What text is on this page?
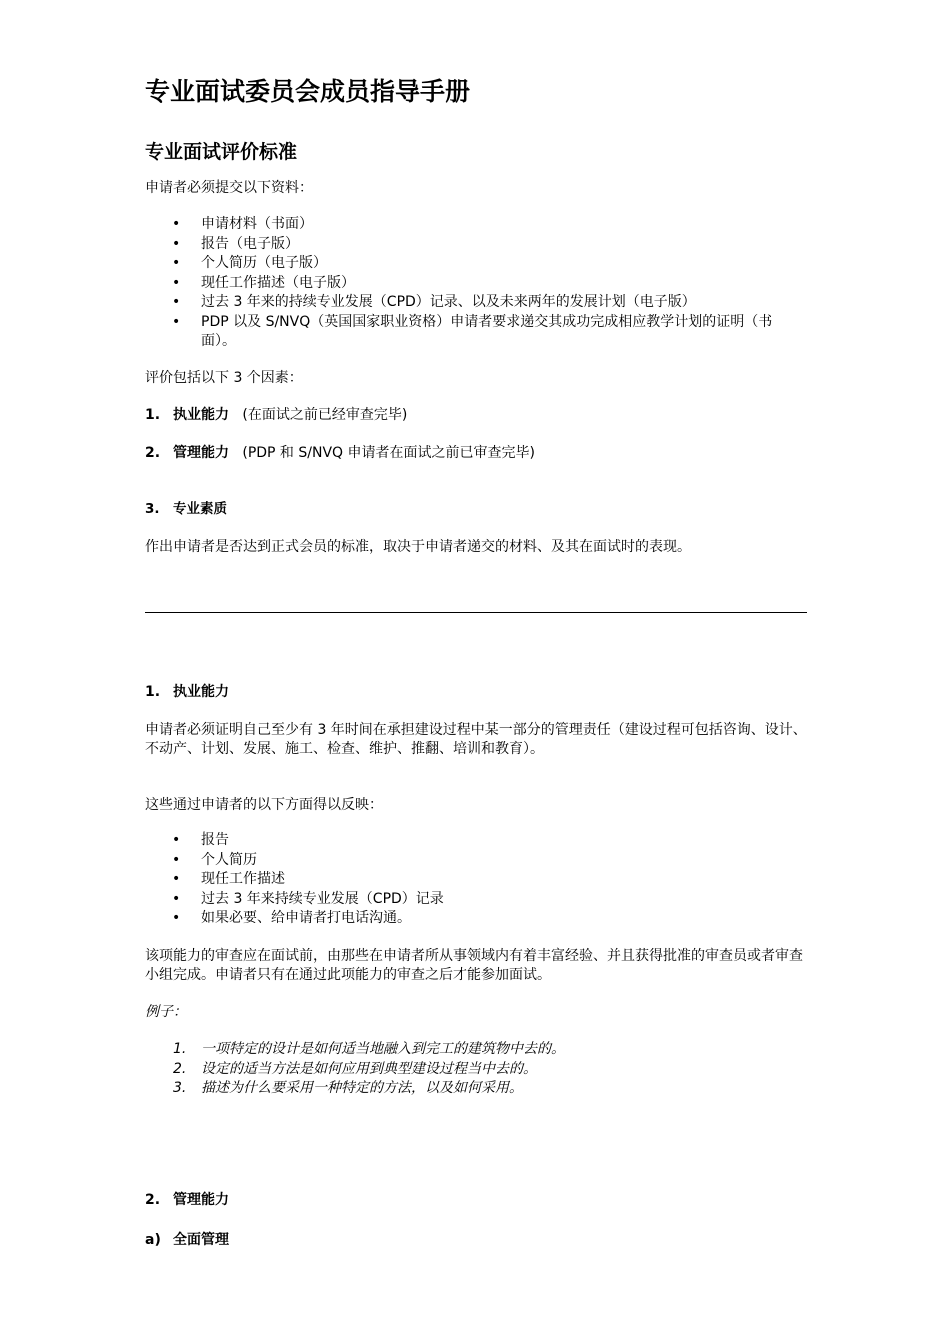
专业面试委员会成员指导手册
专业面试评价标准
申请者必须提交以下资料：
• 申请材料（书面）
• 报告（电子版）
• 个人简历（电子版）
• 现任工作描述（电子版）
• 过去 3 年来的持续专业发展（CPD）记录、以及未来两年的发展计划（电子版）
• PDP 以及 S/NVQ（英国国家职业资格）申请者要求递交其成功完成相应教学计划的证明（书面）。
评价包括以下 3 个因素：
1. 执业能力 (在面试之前已经审查完毕)
2. 管理能力 (PDP 和 S/NVQ 申请者在面试之前已审查完毕)
3. 专业素质
作出申请者是否达到正式会员的标准，取决于申请者递交的材料、及其在面试时的表现。
1. 执业能力
申请者必须证明自己至少有 3 年时间在承担建设过程中某一部分的管理责任（建设过程可包括咨询、设计、不动产、计划、发展、施工、检查、维护、推翻、培训和教育）。
这些通过申请者的以下方面得以反映：
• 报告
• 个人简历
• 现任工作描述
• 过去 3 年来持续专业发展（CPD）记录
• 如果必要、给申请者打电话沟通。
该项能力的审查应在面试前，由那些在申请者所从事领域内有着丰富经验、并且获得批准的审查员或者审查小组完成。申请者只有在通过此项能力的审查之后才能参加面试。
例子：
1. 一项特定的设计是如何适当地融入到完工的建筑物中去的。
2. 设定的适当方法是如何应用到典型建设过程当中去的。
3. 描述为什么要采用一种特定的方法，以及如何采用。
2. 管理能力
a) 全面管理
